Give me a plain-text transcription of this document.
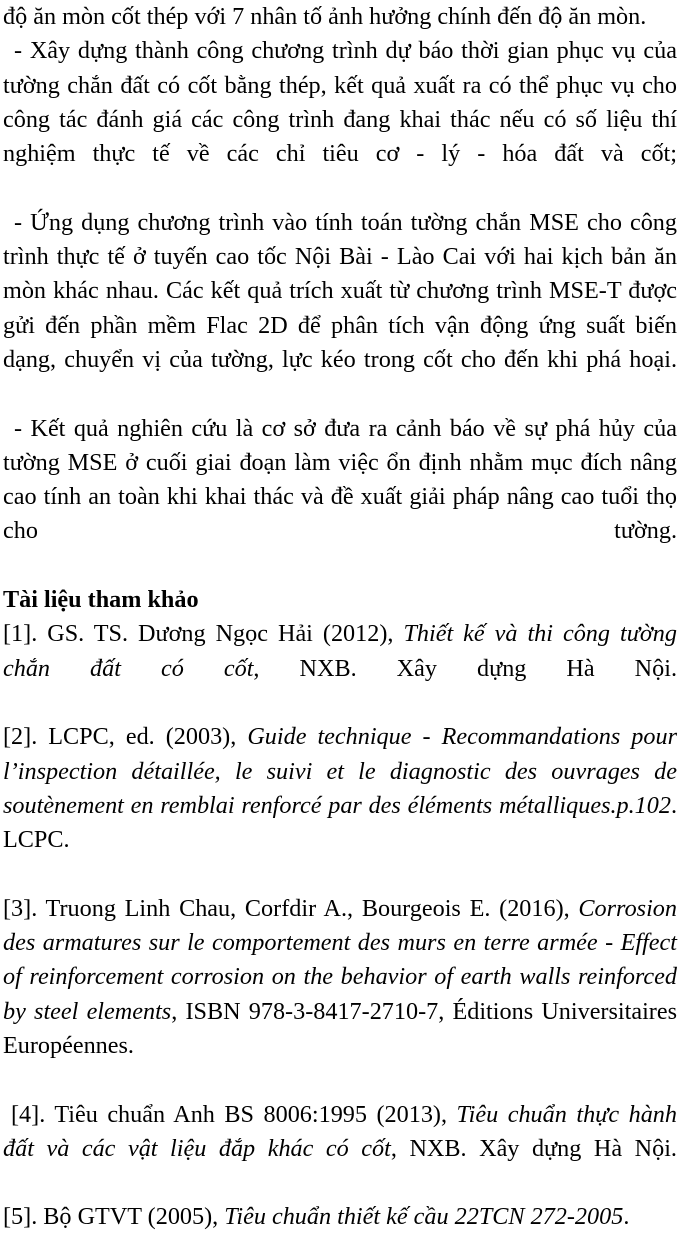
độ ăn mòn cốt thép với 7 nhân tố ảnh hưởng chính đến độ ăn mòn.

- Xây dựng thành công chương trình dự báo thời gian phục vụ của tường chắn đất có cốt bằng thép, kết quả xuất ra có thể phục vụ cho công tác đánh giá các công trình đang khai thác nếu có số liệu thí nghiệm thực tế về các chỉ tiêu cơ - lý - hóa đất và cốt;

- Ứng dụng chương trình vào tính toán tường chắn MSE cho công trình thực tế ở tuyến cao tốc Nội Bài - Lào Cai với hai kịch bản ăn mòn khác nhau. Các kết quả trích xuất từ chương trình MSE-T được gửi đến phần mềm Flac 2D để phân tích vận động ứng suất biến dạng, chuyển vị của tường, lực kéo trong cốt cho đến khi phá hoại.

- Kết quả nghiên cứu là cơ sở đưa ra cảnh báo về sự phá hủy của tường MSE ở cuối giai đoạn làm việc ổn định nhằm mục đích nâng cao tính an toàn khi khai thác và đề xuất giải pháp nâng cao tuổi thọ cho tường.

Tài liệu tham khảo

[1]. GS. TS. Dương Ngọc Hải (2012), Thiết kế và thi công tường chắn đất có cốt, NXB. Xây dựng Hà Nội.

[2]. LCPC, ed. (2003), Guide technique - Recommandations pour l’inspection détaillée, le suivi et le diagnostic des ouvrages de soutènement en remblai renforcé par des éléments métalliques.p.102. LCPC.

[3]. Truong Linh Chau, Corfdir A., Bourgeois E. (2016), Corrosion des armatures sur le comportement des murs en terre armée - Effect of reinforcement corrosion on the behavior of earth walls reinforced by steel elements, ISBN 978-3-8417-2710-7, Éditions Universitaires Européennes.

[4]. Tiêu chuẩn Anh BS 8006:1995 (2013), Tiêu chuẩn thực hành đất và các vật liệu đắp khác có cốt, NXB. Xây dựng Hà Nội.

[5]. Bộ GTVT (2005), Tiêu chuẩn thiết kế cầu 22TCN 272-2005.
